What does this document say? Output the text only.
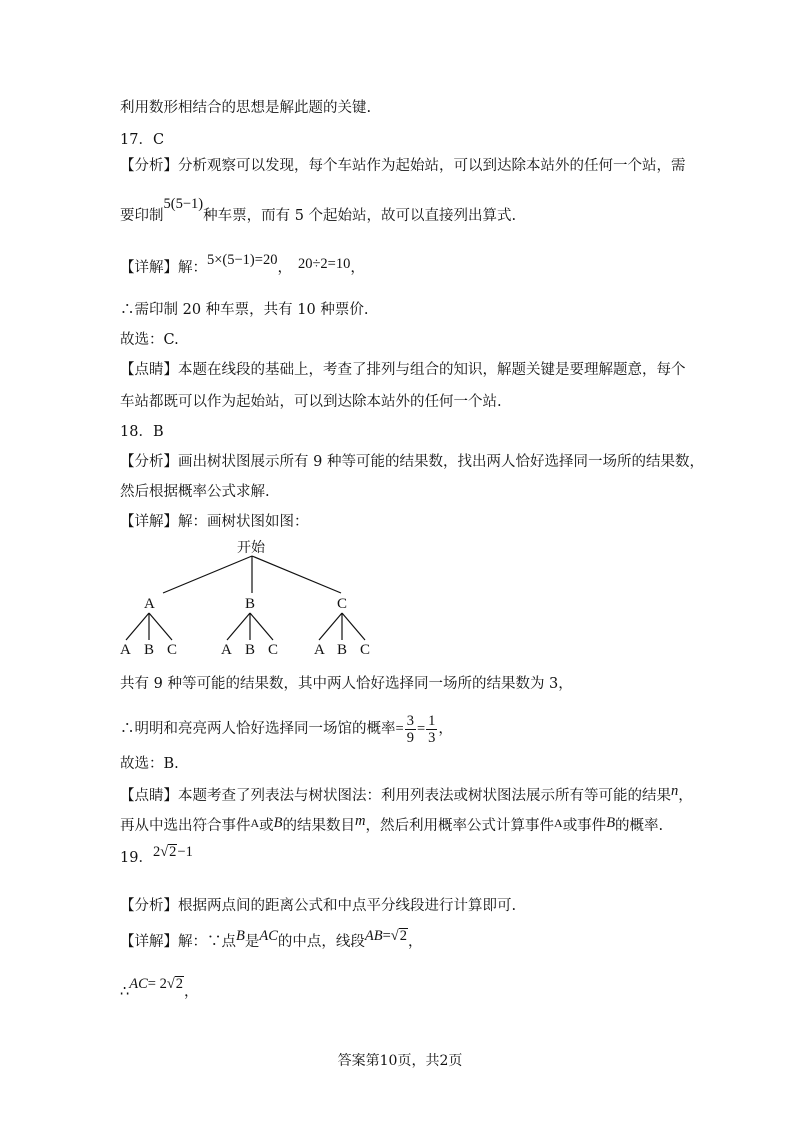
利用数形相结合的思想是解此题的关键.
17．C
【分析】分析观察可以发现，每个车站作为起始站，可以到达除本站外的任何一个站，需
要印制5(5−1)种车票，而有 5 个起始站，故可以直接列出算式.
【详解】解：5×(5−1)=20， 20÷2=10，
∴需印制 20 种车票，共有 10 种票价.
故选：C.
【点睛】本题在线段的基础上，考查了排列与组合的知识，解题关键是要理解题意，每个
车站都既可以作为起始站，可以到达除本站外的任何一个站.
18．B
【分析】画出树状图展示所有 9 种等可能的结果数，找出两人恰好选择同一场所的结果数，
然后根据概率公式求解.
【详解】解：画树状图如图：
开始
A	B	C
A B C	A B C A B C
共有 9 种等可能的结果数，其中两人恰好选择同一场所的结果数为 3，
∴明明和亮亮两人恰好选择同一场馆的概率= $\frac{3}{9} = \frac{1}{3}$ ，
故选：B.
【点睛】本题考查了列表法与树状图法：利用列表法或树状图法展示所有等可能的结果n，
再从中选出符合事件$^A$或B的结果数目m，然后利用概率公式计算事件$^A$或事件B的概率.
19．2√2−1
【分析】根据两点间的距离公式和中点平分线段进行计算即可.
【详解】解：∵点B是AC的中点，线段AB=√2，
∴AC= 2√2，
答案第10页，共2页
